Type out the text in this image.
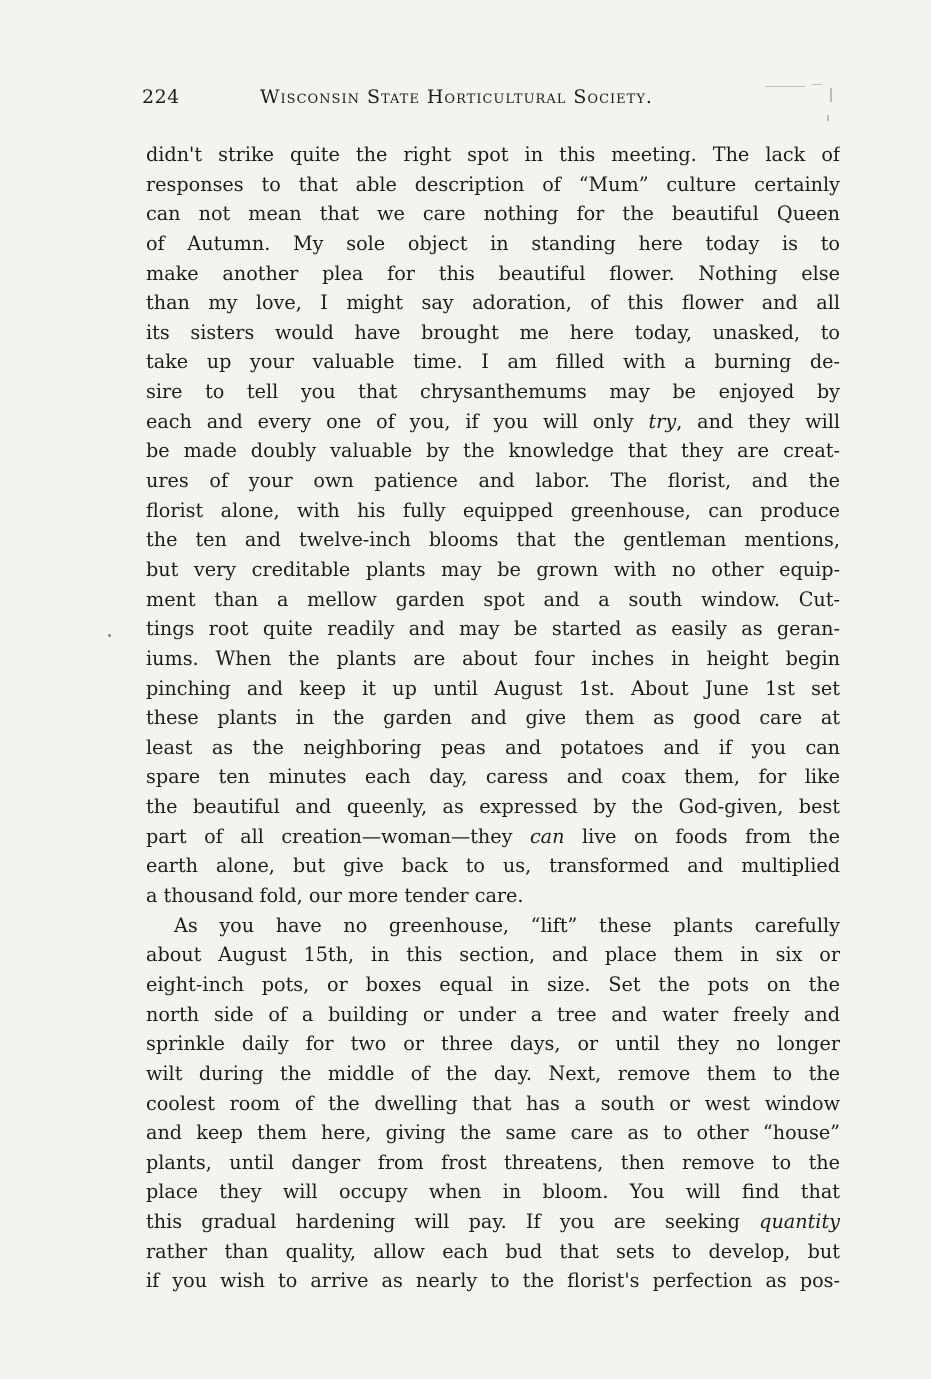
224	Wisconsin State Horticultural Society.
didn't strike quite the right spot in this meeting. The lack of
responses to that able description of “Mum” culture certainly
can not mean that we care nothing for the beautiful Queen
of Autumn. My sole object in standing here today is to
make another plea for this beautiful flower. Nothing else
than my love, I might say adoration, of this flower and all
its sisters would have brought me here today, unasked, to
take up your valuable time. I am filled with a burning de-
sire to tell you that chrysanthemums may be enjoyed by
each and every one of you, if you will only try, and they will
be made doubly valuable by the knowledge that they are creat-
ures of your own patience and labor. The florist, and the
florist alone, with his fully equipped greenhouse, can produce
the ten and twelve-inch blooms that the gentleman mentions,
but very creditable plants may be grown with no other equip-
ment than a mellow garden spot and a south window. Cut-
tings root quite readily and may be started as easily as geran-
iums. When the plants are about four inches in height begin
pinching and keep it up until August 1st. About June 1st set
these plants in the garden and give them as good care at
least as the neighboring peas and potatoes and if you can
spare ten minutes each day, caress and coax them, for like
the beautiful and queenly, as expressed by the God-given, best
part of all creation—woman—they can live on foods from the
earth alone, but give back to us, transformed and multiplied
a thousand fold, our more tender care.
As you have no greenhouse, “lift” these plants carefully
about August 15th, in this section, and place them in six or
eight-inch pots, or boxes equal in size. Set the pots on the
north side of a building or under a tree and water freely and
sprinkle daily for two or three days, or until they no longer
wilt during the middle of the day. Next, remove them to the
coolest room of the dwelling that has a south or west window
and keep them here, giving the same care as to other “house”
plants, until danger from frost threatens, then remove to the
place they will occupy when in bloom. You will find that
this gradual hardening will pay. If you are seeking quantity
rather than quality, allow each bud that sets to develop, but
if you wish to arrive as nearly to the florist's perfection as pos-
